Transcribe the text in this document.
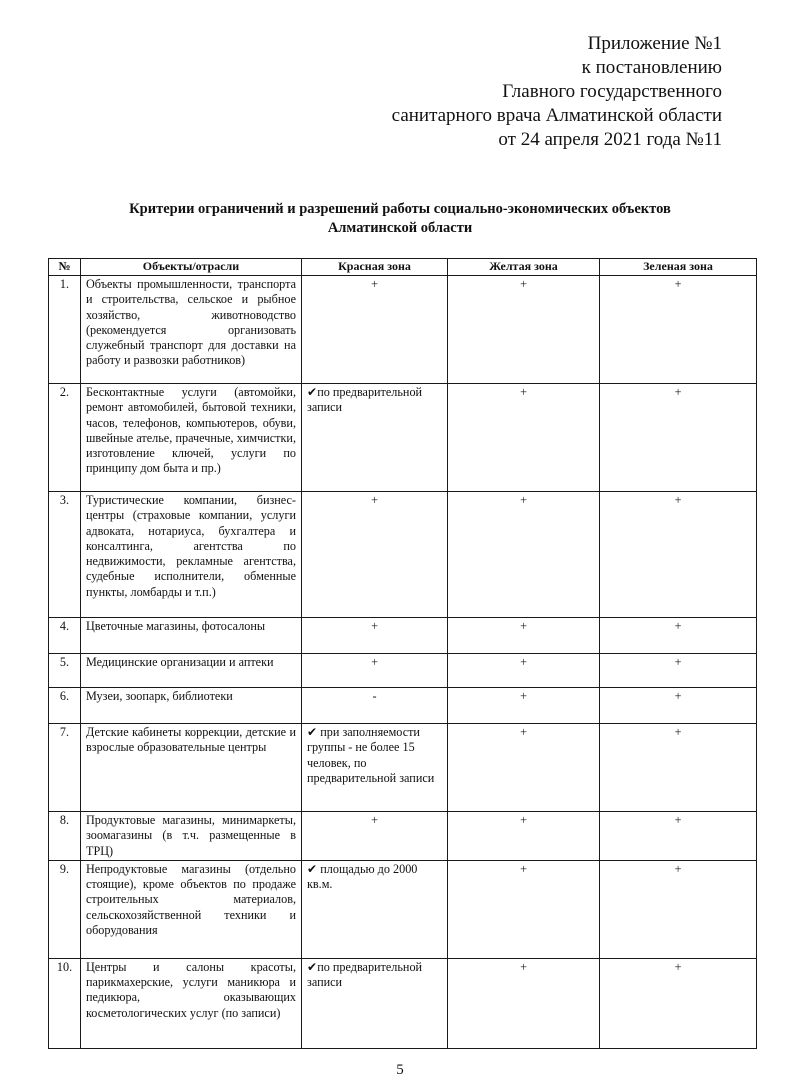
Приложение №1
к постановлению
Главного государственного
санитарного врача Алматинской области
от 24 апреля 2021 года №11
Критерии ограничений и разрешений работы социально-экономических объектов
Алматинской области
№	Объекты/отрасли	Красная зона	Желтая зона	Зеленая зона
1.	Объекты промышленности, транспорта и строительства, сельское и рыбное хозяйство, животноводство (рекомендуется организовать служебный транспорт для доставки на работу и развозки работников)	+	+	+
2.	Бесконтактные услуги (автомойки, ремонт автомобилей, бытовой техники, часов, телефонов, компьютеров, обуви, швейные ателье, прачечные, химчистки, изготовление ключей, услуги по принципу дом быта и пр.)	✔по предварительной записи	+	+
3.	Туристические компании, бизнес-центры (страховые компании, услуги адвоката, нотариуса, бухгалтера и консалтинга, агентства по недвижимости, рекламные агентства, судебные исполнители, обменные пункты, ломбарды и т.п.)	+	+	+
4.	Цветочные магазины, фотосалоны	+	+	+
5.	Медицинские организации и аптеки	+	+	+
6.	Музеи, зоопарк, библиотеки	-	+	+
7.	Детские кабинеты коррекции, детские и взрослые образовательные центры	✔ при заполняемости группы - не более 15 человек, по предварительной записи	+	+
8.	Продуктовые магазины, минимаркеты, зоомагазины (в т.ч. размещенные в ТРЦ)	+	+	+
9.	Непродуктовые магазины (отдельно стоящие), кроме объектов по продаже строительных материалов, сельскохозяйственной техники и оборудования	✔ площадью до 2000 кв.м.	+	+
10.	Центры и салоны красоты, парикмахерские, услуги маникюра и педикюра, оказывающих косметологических услуг (по записи)	✔по предварительной записи	+	+
5
